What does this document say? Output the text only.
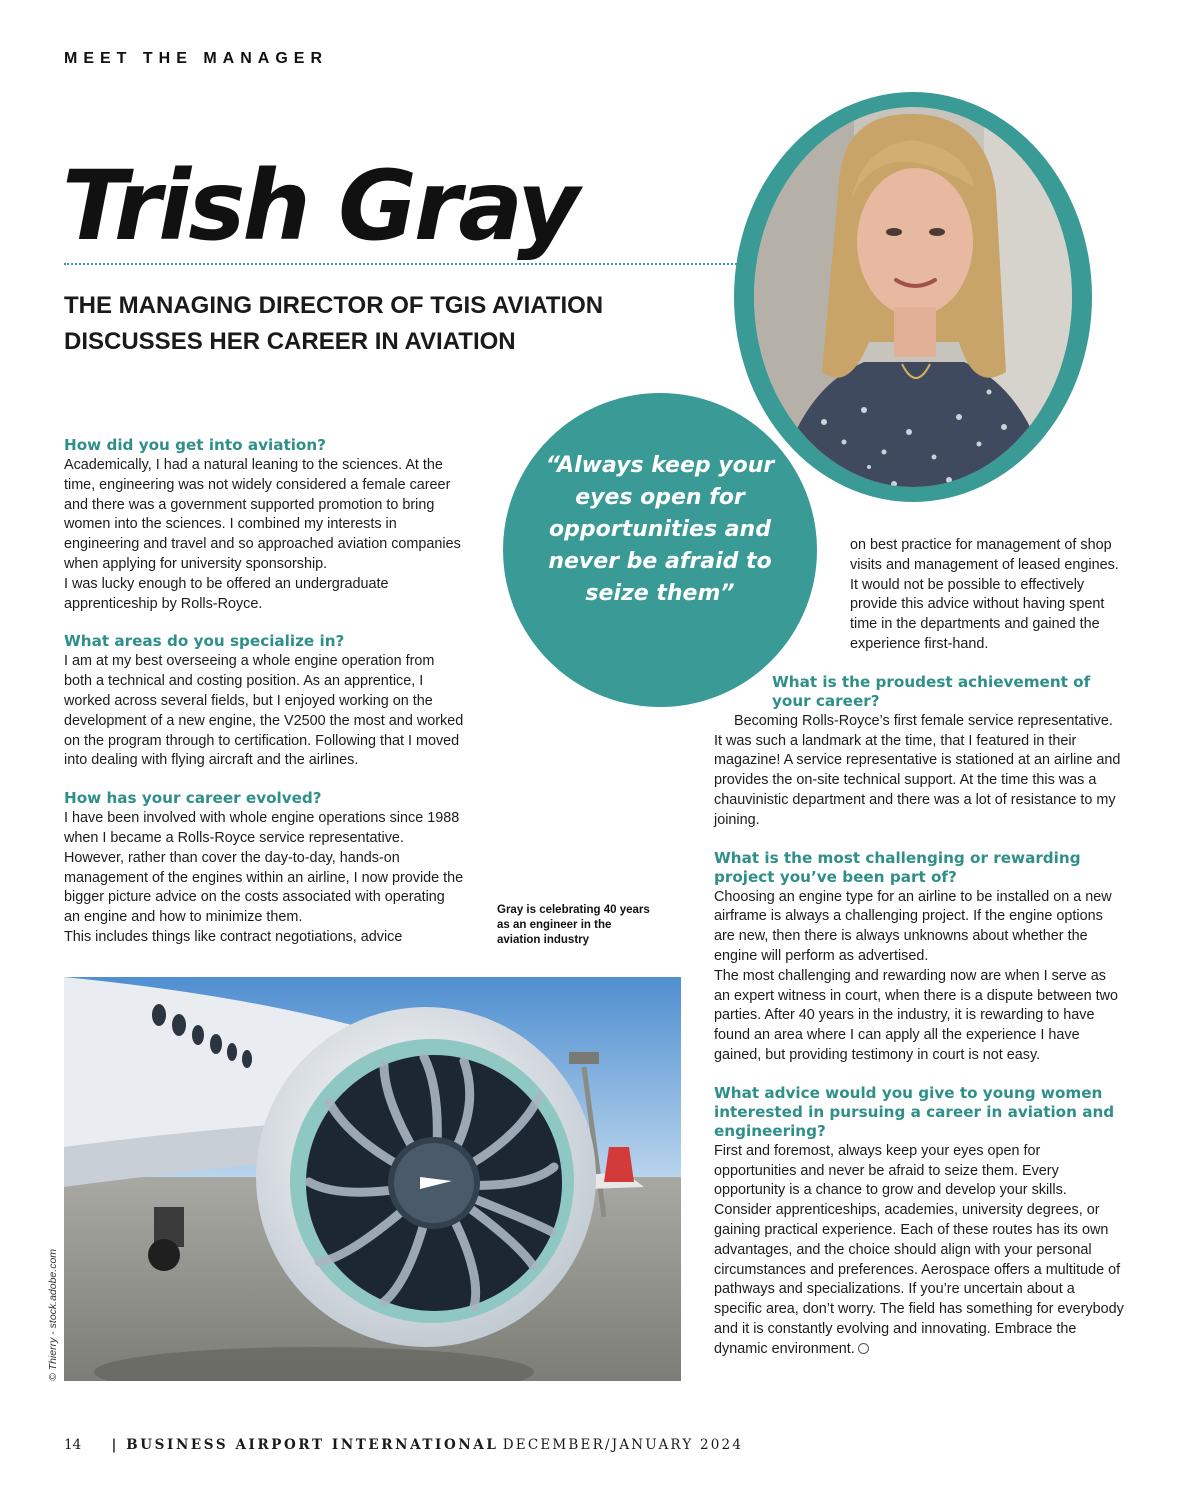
MEET THE MANAGER
Trish Gray
THE MANAGING DIRECTOR OF TGIS AVIATION DISCUSSES HER CAREER IN AVIATION
“Always keep your eyes open for opportunities and never be afraid to seize them”
How did you get into aviation?

Academically, I had a natural leaning to the sciences. At the time, engineering was not widely considered a female career and there was a government supported promotion to bring women into the sciences. I combined my interests in engineering and travel and so approached aviation companies when applying for university sponsorship.
I was lucky enough to be offered an undergraduate apprenticeship by Rolls-Royce.

What areas do you specialize in?

I am at my best overseeing a whole engine operation from both a technical and costing position. As an apprentice, I worked across several fields, but I enjoyed working on the development of a new engine, the V2500 the most and worked on the program through to certification. Following that I moved into dealing with flying aircraft and the airlines.

How has your career evolved?

I have been involved with whole engine operations since 1988 when I became a Rolls-Royce service representative. However, rather than cover the day-to-day, hands-on management of the engines within an airline, I now provide the bigger picture advice on the costs associated with operating an engine and how to minimize them.
This includes things like contract negotiations, advice

Gray is celebrating 40 years as an engineer in the aviation industry

on best practice for management of shop visits and management of leased engines. It would not be possible to effectively provide this advice without having spent time in the departments and gained the experience first-hand.

What is the proudest achievement of your career?

Becoming Rolls-Royce’s first female service representative. It was such a landmark at the time, that I featured in their magazine! A service representative is stationed at an airline and provides the on-site technical support. At the time this was a chauvinistic department and there was a lot of resistance to my joining.

What is the most challenging or rewarding project you’ve been part of?

Choosing an engine type for an airline to be installed on a new airframe is always a challenging project. If the engine options are new, then there is always unknowns about whether the engine will perform as advertised.
The most challenging and rewarding now are when I serve as an expert witness in court, when there is a dispute between two parties. After 40 years in the industry, it is rewarding to have found an area where I can apply all the experience I have gained, but providing testimony in court is not easy.

What advice would you give to young women interested in pursuing a career in aviation and engineering?

First and foremost, always keep your eyes open for opportunities and never be afraid to seize them. Every opportunity is a chance to grow and develop your skills. Consider apprenticeships, academies, university degrees, or gaining practical experience. Each of these routes has its own advantages, and the choice should align with your personal circumstances and preferences. Aerospace offers a multitude of pathways and specializations. If you’re uncertain about a specific area, don’t worry. The field has something for everybody and it is constantly evolving and innovating. Embrace the dynamic environment.

© Thierry - stock.adobe.com
14 | BUSINESS AIRPORT INTERNATIONAL DECEMBER/JANUARY 2024
